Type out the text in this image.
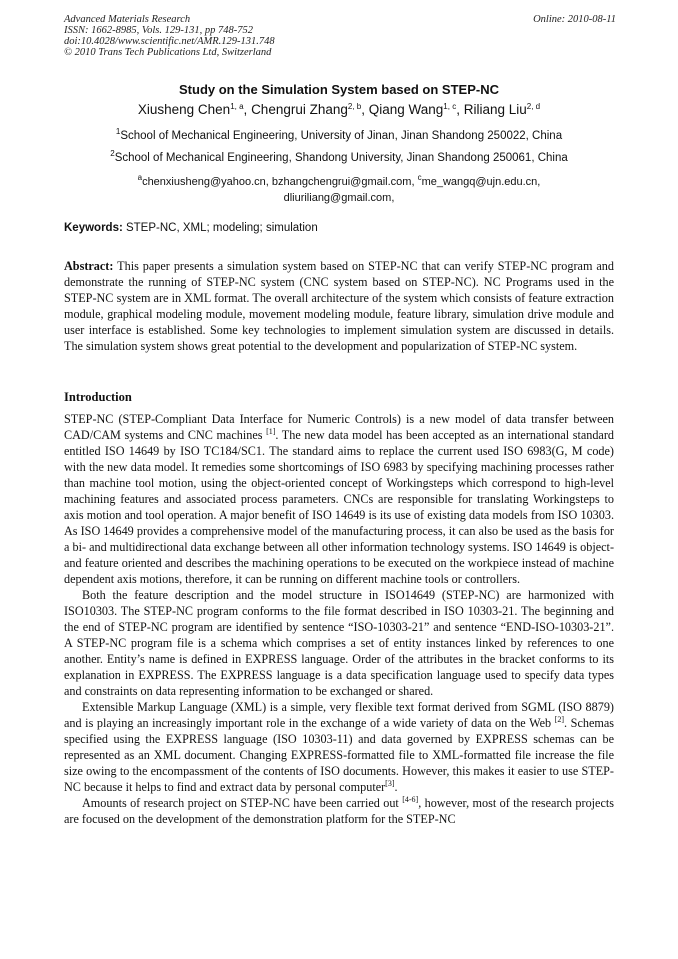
Advanced Materials Research
ISSN: 1662-8985, Vols. 129-131, pp 748-752
doi:10.4028/www.scientific.net/AMR.129-131.748
© 2010 Trans Tech Publications Ltd, Switzerland
Online: 2010-08-11
Study on the Simulation System based on STEP-NC
Xiusheng Chen$^{1, a}$, Chengrui Zhang$^{2, b}$, Qiang Wang$^{1, c}$, Riliang Liu$^{2, d}$
$^1$School of Mechanical Engineering, University of Jinan, Jinan Shandong 250022, China
$^2$School of Mechanical Engineering, Shandong University, Jinan Shandong 250061, China
$^a$chenxiusheng@yahoo.cn, bzhangchengrui@gmail.com, $^c$me_wangq@ujn.edu.cn,
dliuriliang@gmail.com,
Keywords: STEP-NC, XML; modeling; simulation

Abstract: This paper presents a simulation system based on STEP-NC that can verify STEP-NC program and demonstrate the running of STEP-NC system (CNC system based on STEP-NC). NC Programs used in the STEP-NC system are in XML format. The overall architecture of the system which consists of feature extraction module, graphical modeling module, movement modeling module, feature library, simulation drive module and user interface is established. Some key technologies to implement simulation system are discussed in details. The simulation system shows great potential to the development and popularization of STEP-NC system.

Introduction

STEP-NC (STEP-Compliant Data Interface for Numeric Controls) is a new model of data transfer between CAD/CAM systems and CNC machines [1]. The new data model has been accepted as an international standard entitled ISO 14649 by ISO TC184/SC1. The standard aims to replace the current used ISO 6983(G, M code) with the new data model. It remedies some shortcomings of ISO 6983 by specifying machining processes rather than machine tool motion, using the object-oriented concept of Workingsteps which correspond to high-level machining features and associated process parameters. CNCs are responsible for translating Workingsteps to axis motion and tool operation. A major benefit of ISO 14649 is its use of existing data models from ISO 10303. As ISO 14649 provides a comprehensive model of the manufacturing process, it can also be used as the basis for a bi- and multidirectional data exchange between all other information technology systems. ISO 14649 is object- and feature oriented and describes the machining operations to be executed on the workpiece instead of machine dependent axis motions, therefore, it can be running on different machine tools or controllers.

Both the feature description and the model structure in ISO14649 (STEP-NC) are harmonized with ISO10303. The STEP-NC program conforms to the file format described in ISO 10303-21. The beginning and the end of STEP-NC program are identified by sentence “ISO-10303-21” and sentence “END-ISO-10303-21”. A STEP-NC program file is a schema which comprises a set of entity instances linked by references to one another. Entity’s name is defined in EXPRESS language. Order of the attributes in the bracket conforms to its explanation in EXPRESS. The EXPRESS language is a data specification language used to specify data types and constraints on data representing information to be exchanged or shared.

Extensible Markup Language (XML) is a simple, very flexible text format derived from SGML (ISO 8879) and is playing an increasingly important role in the exchange of a wide variety of data on the Web [2]. Schemas specified using the EXPRESS language (ISO 10303-11) and data governed by EXPRESS schemas can be represented as an XML document. Changing EXPRESS-formatted file to XML-formatted file increase the file size owing to the encompassment of the contents of ISO documents. However, this makes it easier to use STEP-NC because it helps to find and extract data by personal computer[3].

Amounts of research project on STEP-NC have been carried out [4-6], however, most of the research projects are focused on the development of the demonstration platform for the STEP-NC
